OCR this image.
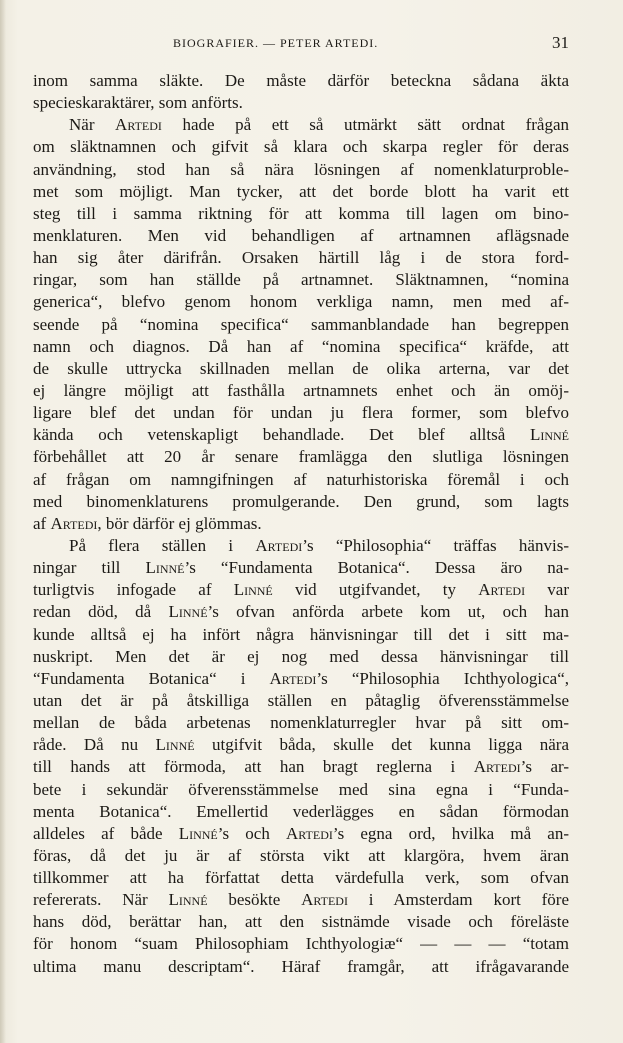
BIOGRAFIER. — PETER ARTEDI.	31
inom samma släkte. De måste därför beteckna sådana äkta
specieskaraktärer, som anförts.
När Artedi hade på ett så utmärkt sätt ordnat frågan
om släktnamnen och gifvit så klara och skarpa regler för deras
användning, stod han så nära lösningen af nomenklaturproble-
met som möjligt. Man tycker, att det borde blott ha varit ett
steg till i samma riktning för att komma till lagen om bino-
menklaturen. Men vid behandligen af artnamnen aflägsnade
han sig åter därifrån. Orsaken härtill låg i de stora ford-
ringar, som han ställde på artnamnet. Släktnamnen, “nomina
generica“, blefvo genom honom verkliga namn, men med af-
seende på “nomina specifica“ sammanblandade han begreppen
namn och diagnos. Då han af “nomina specifica“ kräfde, att
de skulle uttrycka skillnaden mellan de olika arterna, var det
ej längre möjligt att fasthålla artnamnets enhet och än omöj-
ligare blef det undan för undan ju flera former, som blefvo
kända och vetenskapligt behandlade. Det blef alltså Linné
förbehållet att 20 år senare framlägga den slutliga lösningen
af frågan om namngifningen af naturhistoriska föremål i och
med binomenklaturens promulgerande. Den grund, som lagts
af Artedi, bör därför ej glömmas.
På flera ställen i Artedi’s “Philosophia“ träffas hänvis-
ningar till Linné’s “Fundamenta Botanica“. Dessa äro na-
turligtvis infogade af Linné vid utgifvandet, ty Artedi var
redan död, då Linné’s ofvan anförda arbete kom ut, och han
kunde alltså ej ha infört några hänvisningar till det i sitt ma-
nuskript. Men det är ej nog med dessa hänvisningar till
“Fundamenta Botanica“ i Artedi’s “Philosophia Ichthyologica“,
utan det är på åtskilliga ställen en påtaglig öfverensstämmelse
mellan de båda arbetenas nomenklaturregler hvar på sitt om-
råde. Då nu Linné utgifvit båda, skulle det kunna ligga nära
till hands att förmoda, att han bragt reglerna i Artedi’s ar-
bete i sekundär öfverensstämmelse med sina egna i “Funda-
menta Botanica“. Emellertid vederlägges en sådan förmodan
alldeles af både Linné’s och Artedi’s egna ord, hvilka må an-
föras, då det ju är af största vikt att klargöra, hvem äran
tillkommer att ha författat detta värdefulla verk, som ofvan
refererats. När Linné besökte Artedi i Amsterdam kort före
hans död, berättar han, att den sistnämde visade och föreläste
för honom “suam Philosophiam Ichthyologiæ“ — — — “totam
ultima manu descriptam“. Häraf framgår, att ifrågavarande
